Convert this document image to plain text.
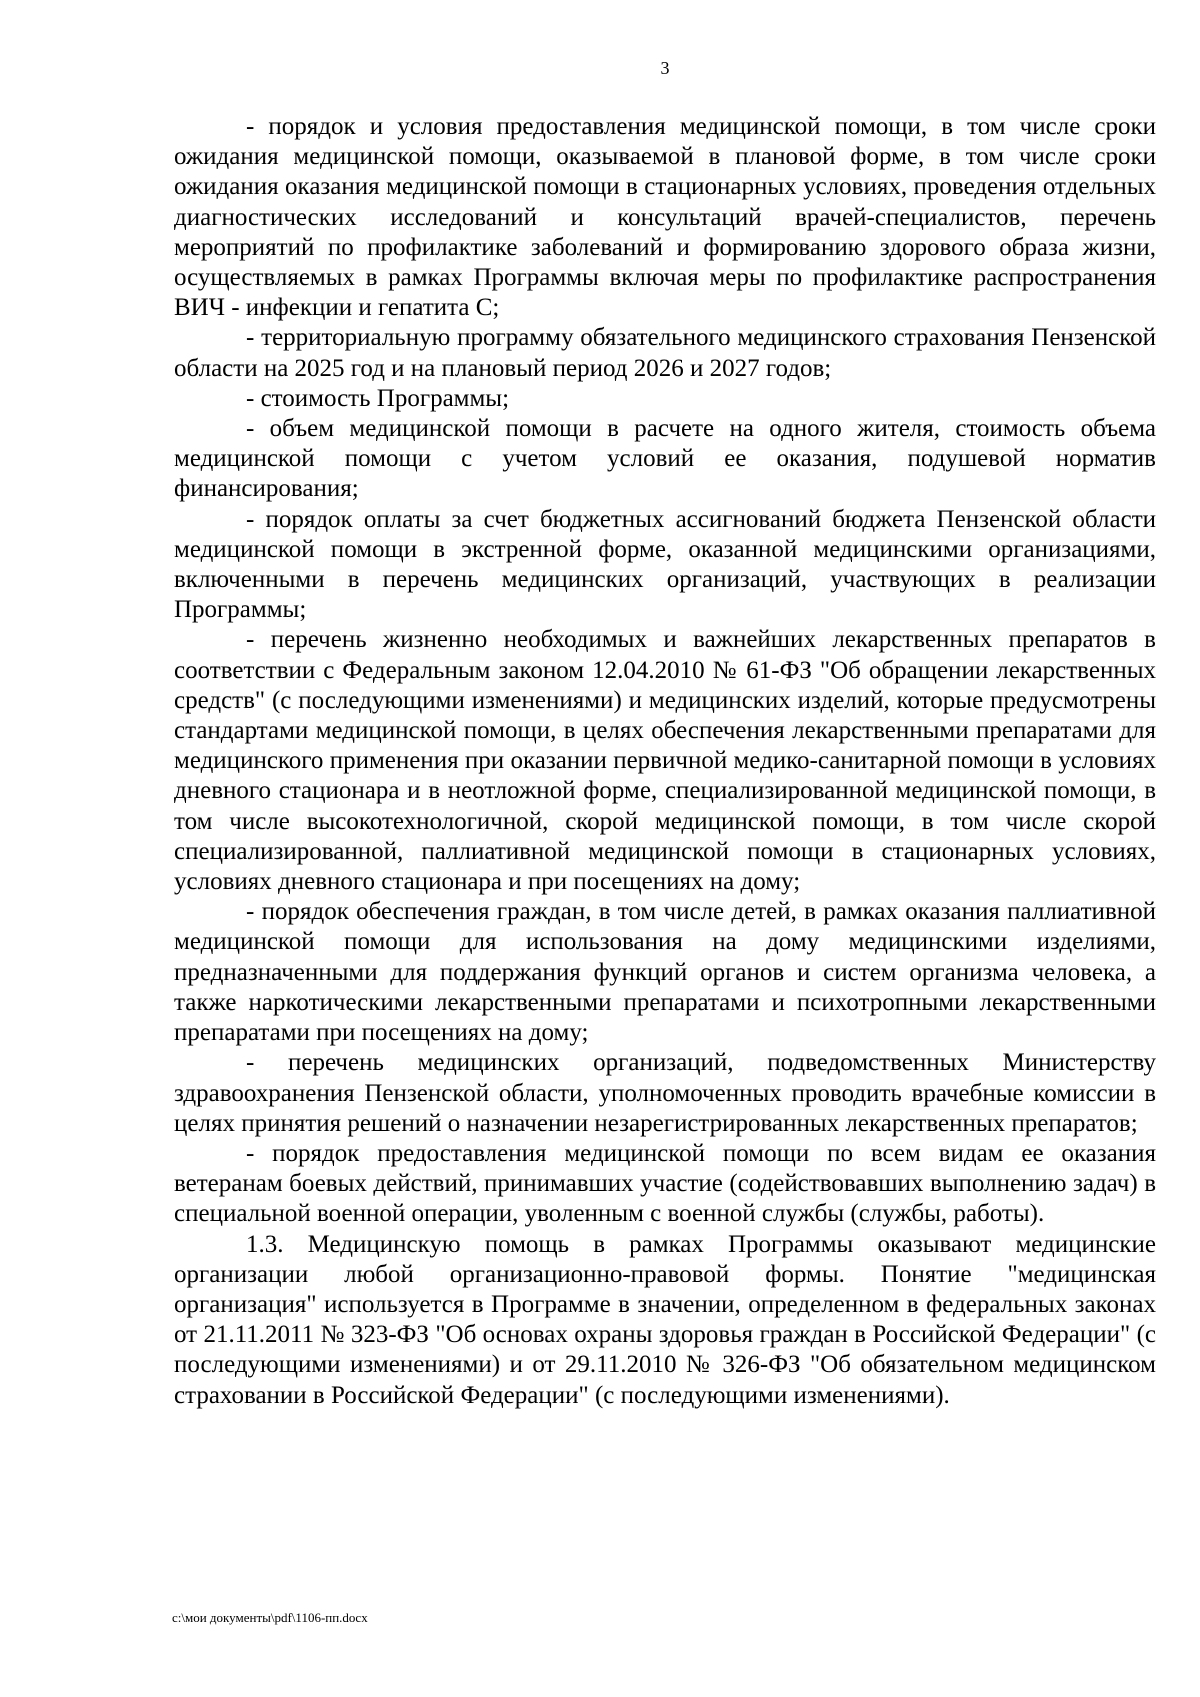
3

- порядок и условия предоставления медицинской помощи, в том числе сроки ожидания медицинской помощи, оказываемой в плановой форме, в том числе сроки ожидания оказания медицинской помощи в стационарных условиях, проведения отдельных диагностических исследований и консультаций врачей-специалистов, перечень мероприятий по профилактике заболеваний и формированию здорового образа жизни, осуществляемых в рамках Программы включая меры по профилактике распространения ВИЧ - инфекции и гепатита С;

- территориальную программу обязательного медицинского страхования Пензенской области на 2025 год и на плановый период 2026 и 2027 годов;

- стоимость Программы;

- объем медицинской помощи в расчете на одного жителя, стоимость объема медицинской помощи с учетом условий ее оказания, подушевой норматив финансирования;

- порядок оплаты за счет бюджетных ассигнований бюджета Пензенской области медицинской помощи в экстренной форме, оказанной медицинскими организациями, включенными в перечень медицинских организаций, участвующих в реализации Программы;

- перечень жизненно необходимых и важнейших лекарственных препаратов в соответствии с Федеральным законом 12.04.2010 № 61-ФЗ "Об обращении лекарственных средств" (с последующими изменениями) и медицинских изделий, которые предусмотрены стандартами медицинской помощи, в целях обеспечения лекарственными препаратами для медицинского применения при оказании первичной медико-санитарной помощи в условиях дневного стационара и в неотложной форме, специализированной медицинской помощи, в том числе высокотехнологичной, скорой медицинской помощи, в том числе скорой специализированной, паллиативной медицинской помощи в стационарных условиях, условиях дневного стационара и при посещениях на дому;

- порядок обеспечения граждан, в том числе детей, в рамках оказания паллиативной медицинской помощи для использования на дому медицинскими изделиями, предназначенными для поддержания функций органов и систем организма человека, а также наркотическими лекарственными препаратами и психотропными лекарственными препаратами при посещениях на дому;

- перечень медицинских организаций, подведомственных Министерству здравоохранения Пензенской области, уполномоченных проводить врачебные комиссии в целях принятия решений о назначении незарегистрированных лекарственных препаратов;

- порядок предоставления медицинской помощи по всем видам ее оказания ветеранам боевых действий, принимавших участие (содействовавших выполнению задач) в специальной военной операции, уволенным с военной службы (службы, работы).

1.3. Медицинскую помощь в рамках Программы оказывают медицинские организации любой организационно-правовой формы. Понятие "медицинская организация" используется в Программе в значении, определенном в федеральных законах от 21.11.2011 № 323-ФЗ "Об основах охраны здоровья граждан в Российской Федерации" (с последующими изменениями) и от 29.11.2010 № 326-ФЗ "Об обязательном медицинском страховании в Российской Федерации" (с последующими изменениями).

с:\мои документы\pdf\1106-пп.docx
